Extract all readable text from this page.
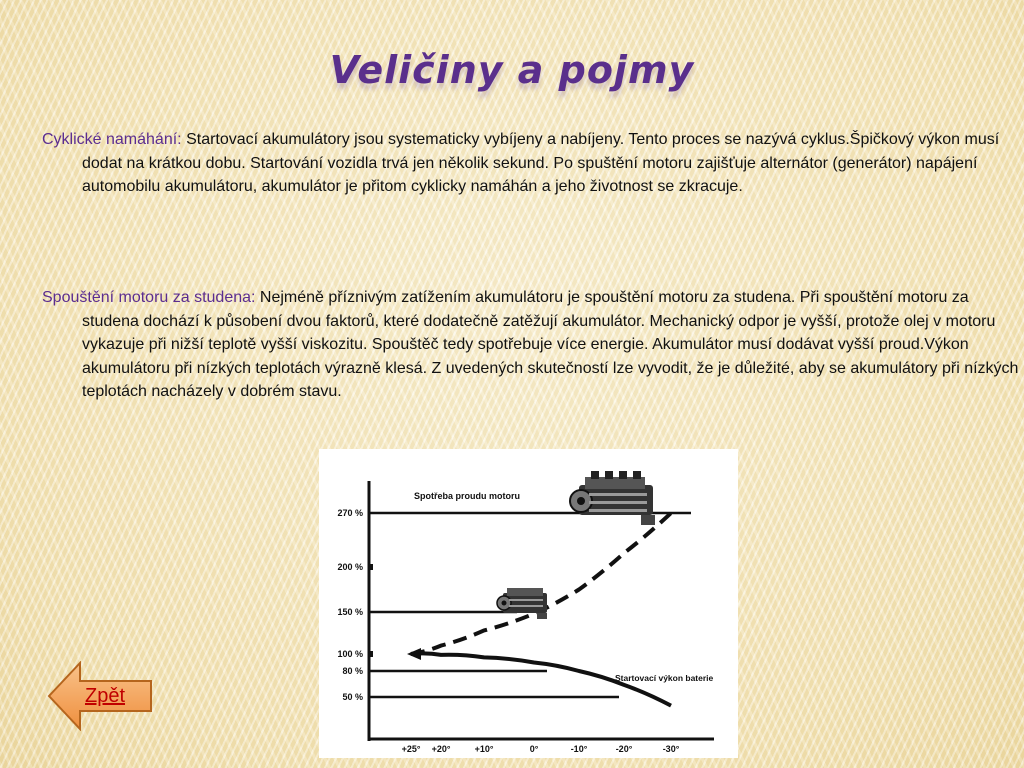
Veličiny a pojmy
Cyklické namáhání: Startovací akumulátory jsou systematicky vybíjeny a nabíjeny. Tento proces se nazývá cyklus.Špičkový výkon musí dodat na krátkou dobu. Startování vozidla trvá jen několik sekund. Po spuštění motoru zajišťuje alternátor (generátor) napájení automobilu akumulátoru, akumulátor je přitom cyklicky namáhán a jeho životnost se zkracuje.
Spouštění motoru za studena: Nejméně příznivým zatížením akumulátoru je spouštění motoru za studena. Při spouštění motoru za studena dochází k působení dvou faktorů, které dodatečně zatěžují akumulátor. Mechanický odpor je vyšší, protože olej v motoru vykazuje při nižší teplotě vyšší viskozitu. Spouštěč tedy spotřebuje více energie. Akumulátor musí dodávat vyšší proud.Výkon akumulátoru při nízkých teplotách výrazně klesá. Z uvedených skutečností lze vyvodit, že je důležité, aby se akumulátory při nízkých teplotách nacházely v dobrém stavu.
270 %
200 %
150 %
100 %
80 %
50 %
+25° +20°	+10°	0°	-10°	-20°	-30°
Spotřeba proudu motoru
Startovací výkon baterie
Zpět
